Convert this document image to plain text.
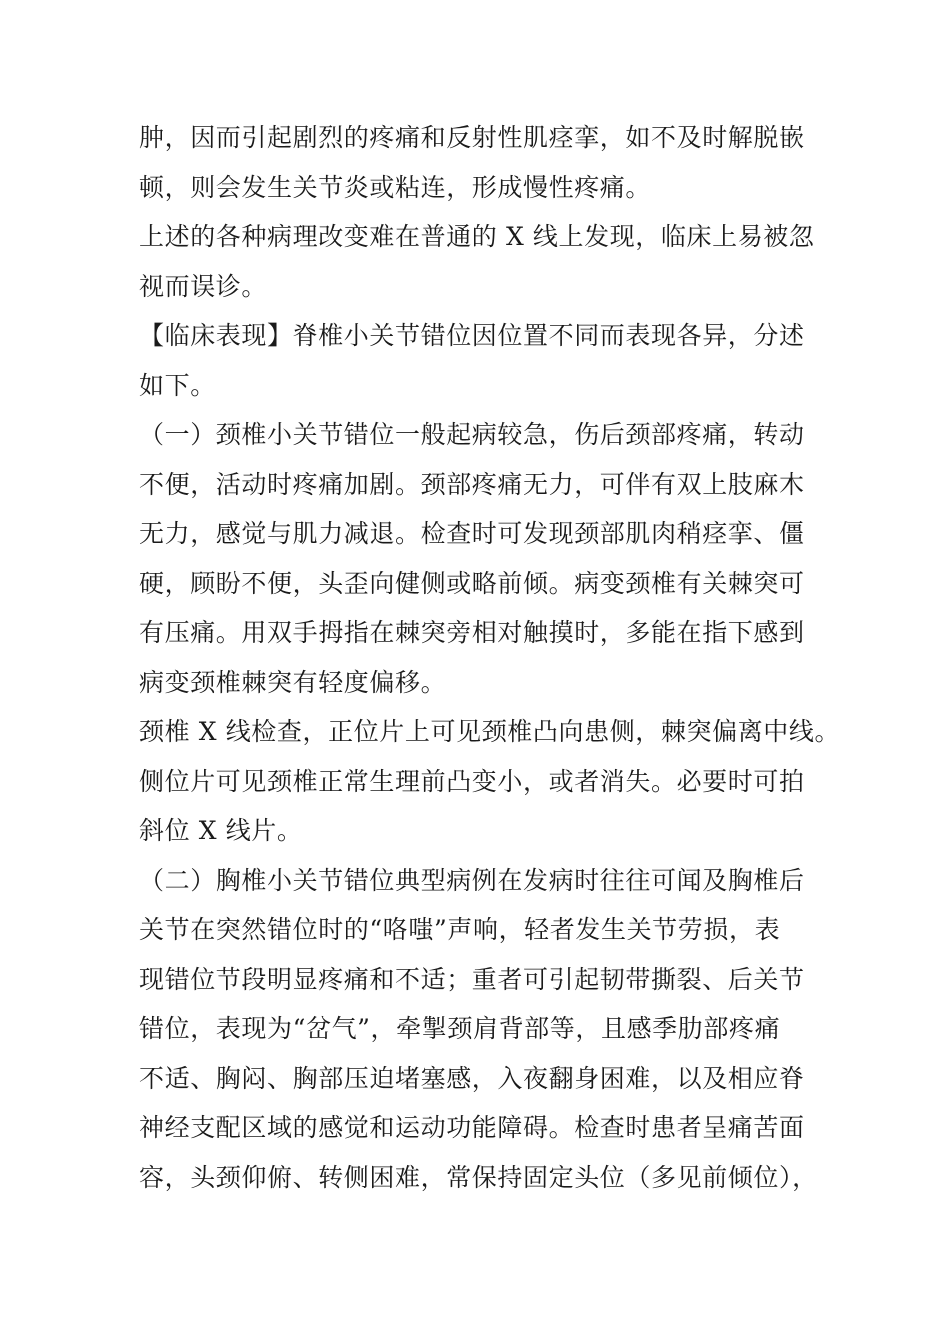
肿，因而引起剧烈的疼痛和反射性肌痉挛，如不及时解脱嵌
顿，则会发生关节炎或粘连，形成慢性疼痛。
上述的各种病理改变难在普通的 X 线上发现，临床上易被忽
视而误诊。
【临床表现】脊椎小关节错位因位置不同而表现各异，分述
如下。
（一）颈椎小关节错位一般起病较急，伤后颈部疼痛，转动
不便，活动时疼痛加剧。颈部疼痛无力，可伴有双上肢麻木
无力，感觉与肌力减退。检查时可发现颈部肌肉稍痉挛、僵
硬，顾盼不便，头歪向健侧或略前倾。病变颈椎有关棘突可
有压痛。用双手拇指在棘突旁相对触摸时，多能在指下感到
病变颈椎棘突有轻度偏移。
颈椎 X 线检查，正位片上可见颈椎凸向患侧，棘突偏离中线。
侧位片可见颈椎正常生理前凸变小，或者消失。必要时可拍
斜位 X 线片。
（二）胸椎小关节错位典型病例在发病时往往可闻及胸椎后
关节在突然错位时的“咯嗤”声响，轻者发生关节劳损，表
现错位节段明显疼痛和不适；重者可引起韧带撕裂、后关节
错位，表现为“岔气”，牵掣颈肩背部等，且感季肋部疼痛
不适、胸闷、胸部压迫堵塞感，入夜翻身困难，以及相应脊
神经支配区域的感觉和运动功能障碍。检查时患者呈痛苦面
容，头颈仰俯、转侧困难，常保持固定头位（多见前倾位），
